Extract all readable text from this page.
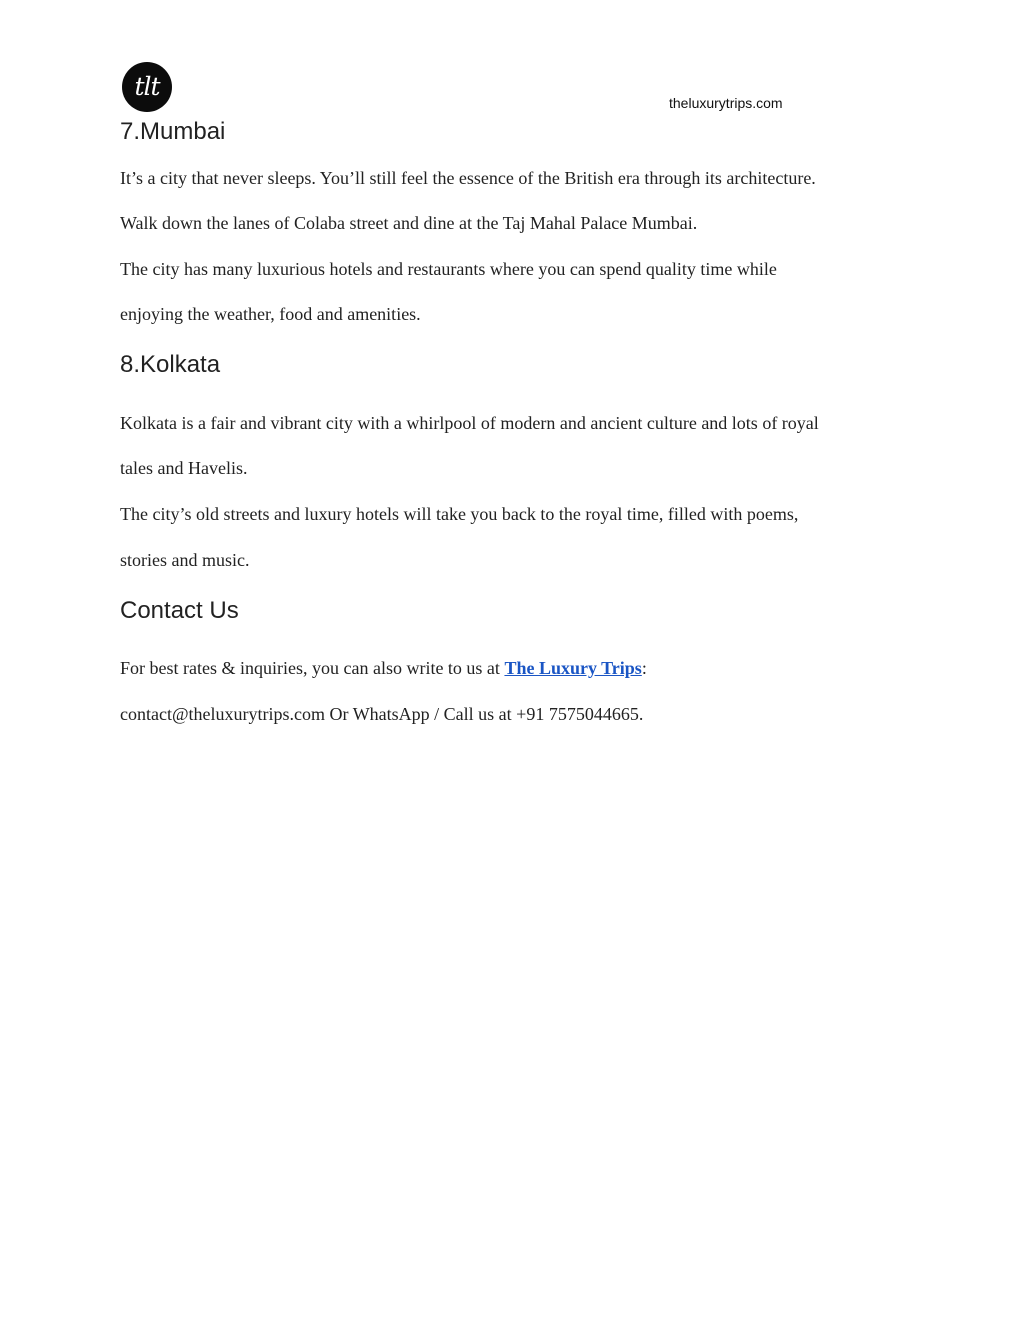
tlt
theluxurytrips.com
7.Mumbai

It’s a city that never sleeps. You’ll still feel the essence of the British era through its architecture.

Walk down the lanes of Colaba street and dine at the Taj Mahal Palace Mumbai.

The city has many luxurious hotels and restaurants where you can spend quality time while

enjoying the weather, food and amenities.

8.Kolkata

Kolkata is a fair and vibrant city with a whirlpool of modern and ancient culture and lots of royal

tales and Havelis.

The city’s old streets and luxury hotels will take you back to the royal time, filled with poems,

stories and music.

Contact Us

For best rates & inquiries, you can also write to us at The Luxury Trips:

contact@theluxurytrips.com Or WhatsApp / Call us at +91 7575044665.
